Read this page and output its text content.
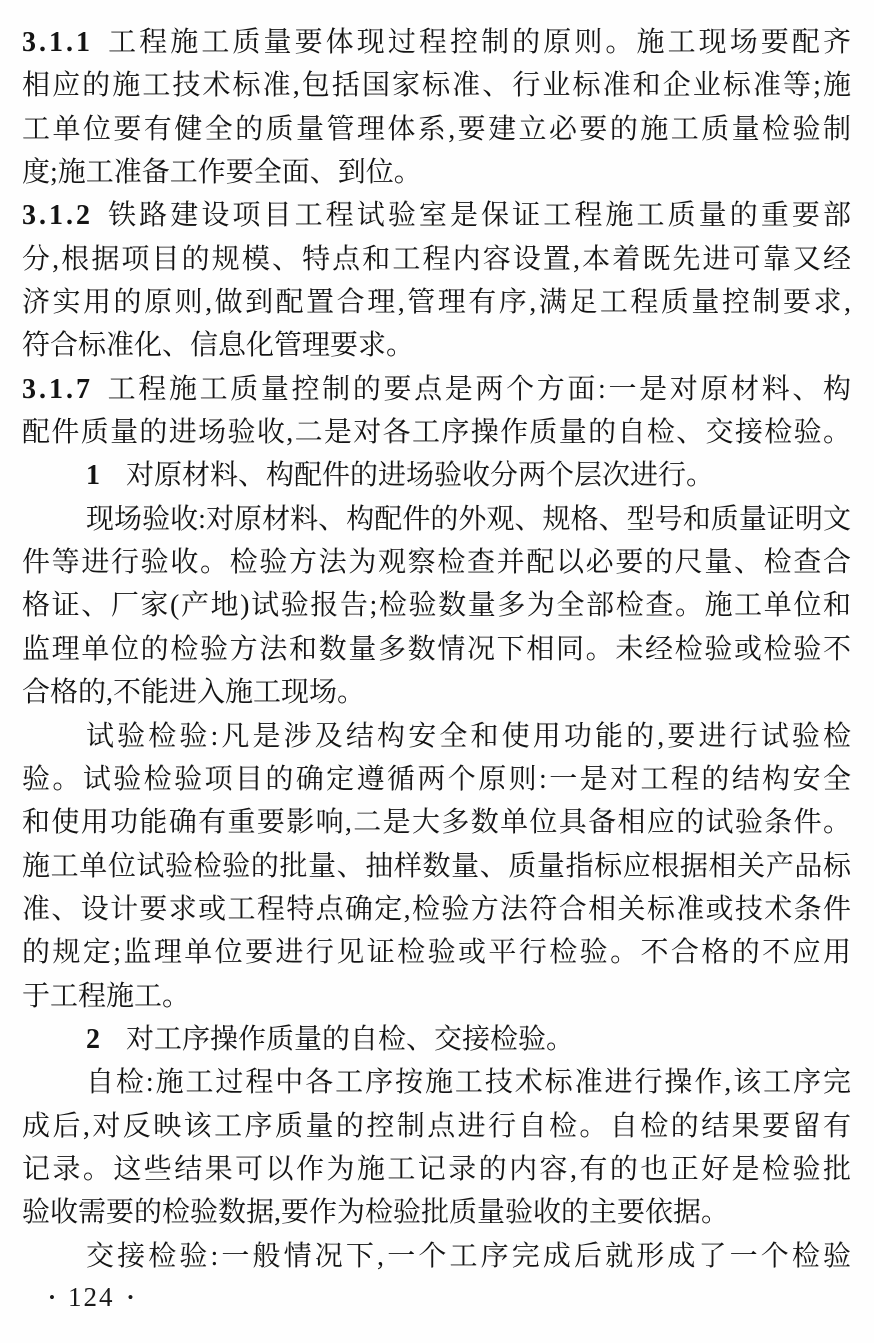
3.1.1 工程施工质量要体现过程控制的原则。施工现场要配齐
相应的施工技术标准,包括国家标准、行业标准和企业标准等;施
工单位要有健全的质量管理体系,要建立必要的施工质量检验制
度;施工准备工作要全面、到位。
3.1.2 铁路建设项目工程试验室是保证工程施工质量的重要部
分,根据项目的规模、特点和工程内容设置,本着既先进可靠又经
济实用的原则,做到配置合理,管理有序,满足工程质量控制要求,
符合标准化、信息化管理要求。
3.1.7 工程施工质量控制的要点是两个方面:一是对原材料、构
配件质量的进场验收,二是对各工序操作质量的自检、交接检验。
1 对原材料、构配件的进场验收分两个层次进行。
现场验收:对原材料、构配件的外观、规格、型号和质量证明文
件等进行验收。检验方法为观察检查并配以必要的尺量、检查合
格证、厂家(产地)试验报告;检验数量多为全部检查。施工单位和
监理单位的检验方法和数量多数情况下相同。未经检验或检验不
合格的,不能进入施工现场。
试验检验:凡是涉及结构安全和使用功能的,要进行试验检
验。试验检验项目的确定遵循两个原则:一是对工程的结构安全
和使用功能确有重要影响,二是大多数单位具备相应的试验条件。
施工单位试验检验的批量、抽样数量、质量指标应根据相关产品标
准、设计要求或工程特点确定,检验方法符合相关标准或技术条件
的规定;监理单位要进行见证检验或平行检验。不合格的不应用
于工程施工。
2 对工序操作质量的自检、交接检验。
自检:施工过程中各工序按施工技术标准进行操作,该工序完
成后,对反映该工序质量的控制点进行自检。自检的结果要留有
记录。这些结果可以作为施工记录的内容,有的也正好是检验批
验收需要的检验数据,要作为检验批质量验收的主要依据。
交接检验:一般情况下,一个工序完成后就形成了一个检验
• 124 •
